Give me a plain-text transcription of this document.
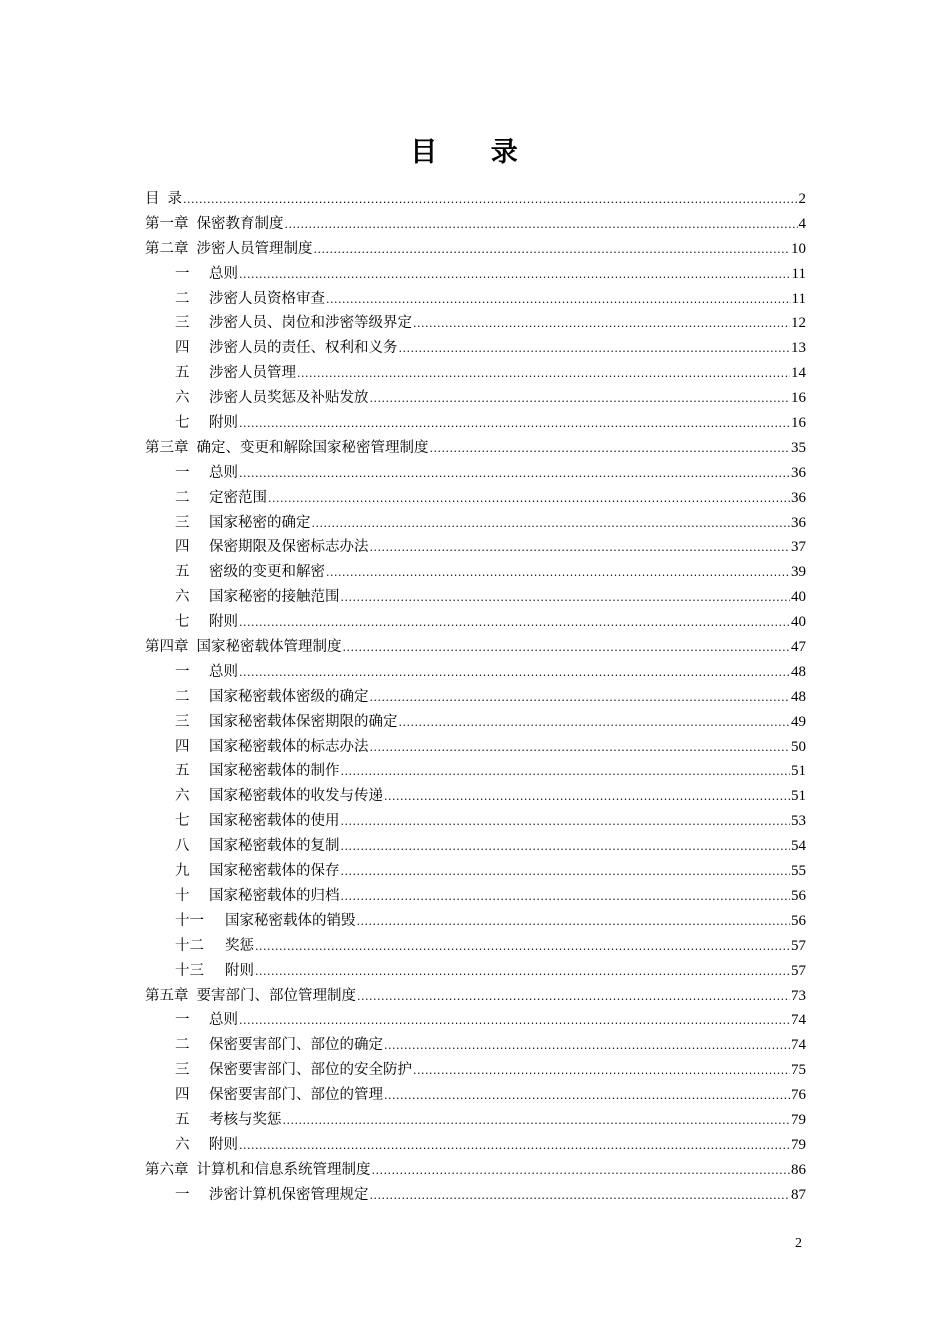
目 录
目 录 .....	2
第一章 保密教育制度 .....	4
第二章 涉密人员管理制度 .....	10
一	总则 .....	11
二	涉密人员资格审查 .....	11
三	涉密人员、岗位和涉密等级界定 .....	12
四	涉密人员的责任、权利和义务 .....	13
五	涉密人员管理 .....	14
六	涉密人员奖惩及补贴发放 .....	16
七	附则 .....	16
第三章 确定、变更和解除国家秘密管理制度 .....	35
一	总则 .....	36
二	定密范围 .....	36
三	国家秘密的确定 .....	36
四	保密期限及保密标志办法 .....	37
五	密级的变更和解密 .....	39
六	国家秘密的接触范围 .....	40
七	附则 .....	40
第四章 国家秘密载体管理制度 .....	47
一	总则 .....	48
二	国家秘密载体密级的确定 .....	48
三	国家秘密载体保密期限的确定 .....	49
四	国家秘密载体的标志办法 .....	50
五	国家秘密载体的制作 .....	51
六	国家秘密载体的收发与传递 .....	51
七	国家秘密载体的使用 .....	53
八	国家秘密载体的复制 .....	54
九	国家秘密载体的保存 .....	55
十	国家秘密载体的归档 .....	56
十一	国家秘密载体的销毁 .....	56
十二	奖惩 .....	57
十三	附则 .....	57
第五章 要害部门、部位管理制度 .....	73
一	总则 .....	74
二	保密要害部门、部位的确定 .....	74
三	保密要害部门、部位的安全防护 .....	75
四	保密要害部门、部位的管理 .....	76
五	考核与奖惩 .....	79
六	附则 .....	79
第六章 计算机和信息系统管理制度 .....	86
一	涉密计算机保密管理规定 .....	87
2
